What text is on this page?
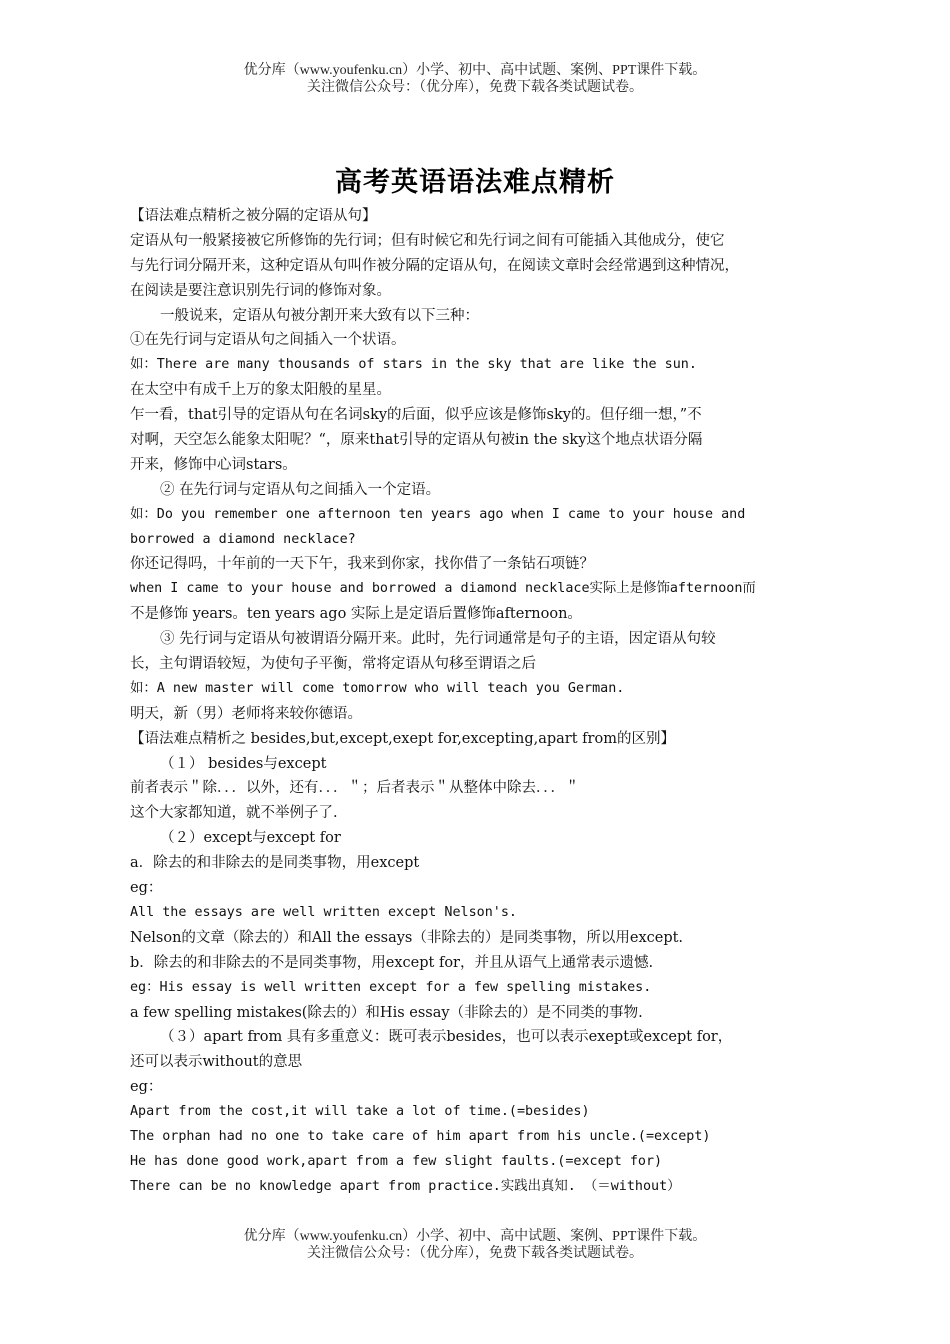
优分库（www.youfenku.cn）小学、初中、高中试题、案例、PPT课件下载。
关注微信公众号：（优分库），免费下载各类试题试卷。
高考英语语法难点精析
【语法难点精析之被分隔的定语从句】
定语从句一般紧接被它所修饰的先行词；但有时候它和先行词之间有可能插入其他成分，使它
与先行词分隔开来，这种定语从句叫作被分隔的定语从句，在阅读文章时会经常遇到这种情况，
在阅读是要注意识别先行词的修饰对象。
一般说来，定语从句被分割开来大致有以下三种：
①在先行词与定语从句之间插入一个状语。
如：There are many thousands of stars in the sky that are like the sun.
在太空中有成千上万的象太阳般的星星。
乍一看，that引导的定语从句在名词sky的后面，似乎应该是修饰sky的。但仔细一想，”不
对啊，天空怎么能象太阳呢？“，原来that引导的定语从句被in the sky这个地点状语分隔
开来，修饰中心词stars。
② 在先行词与定语从句之间插入一个定语。
如：Do you remember one afternoon ten years ago when I came to your house and
borrowed a diamond necklace?
你还记得吗，十年前的一天下午，我来到你家，找你借了一条钻石项链？
when I came to your house and borrowed a diamond necklace实际上是修饰afternoon而
不是修饰 years。ten years ago 实际上是定语后置修饰afternoon。
③ 先行词与定语从句被谓语分隔开来。此时，先行词通常是句子的主语，因定语从句较
长，主句谓语较短，为使句子平衡，常将定语从句移至谓语之后
如：A new master will come tomorrow who will teach you German.
明天，新（男）老师将来较你德语。
【语法难点精析之 besides,but,except,exept for,excepting,apart from的区别】
（１） besides与except
前者表示＂除．．．以外，还有．．．＂；后者表示＂从整体中除去．．．＂
这个大家都知道，就不举例子了.
（２）except与except for
a．除去的和非除去的是同类事物，用except
eg：
All the essays are well written except Nelson's.
Nelson的文章（除去的）和All the essays（非除去的）是同类事物，所以用except.
b．除去的和非除去的不是同类事物，用except for，并且从语气上通常表示遗憾.
eg：His essay is well written except for a few spelling mistakes.
a few spelling mistakes(除去的）和His essay（非除去的）是不同类的事物.
（３）apart from 具有多重意义：既可表示besides，也可以表示exept或except for，
还可以表示without的意思
eg：
Apart from the cost,it will take a lot of time.(=besides)
The orphan had no one to take care of him apart from his uncle.(=except)
He has done good work,apart from a few slight faults.(=except for)
There can be no knowledge apart from practice.实践出真知. （＝without）
优分库（www.youfenku.cn）小学、初中、高中试题、案例、PPT课件下载。
关注微信公众号：（优分库），免费下载各类试题试卷。
